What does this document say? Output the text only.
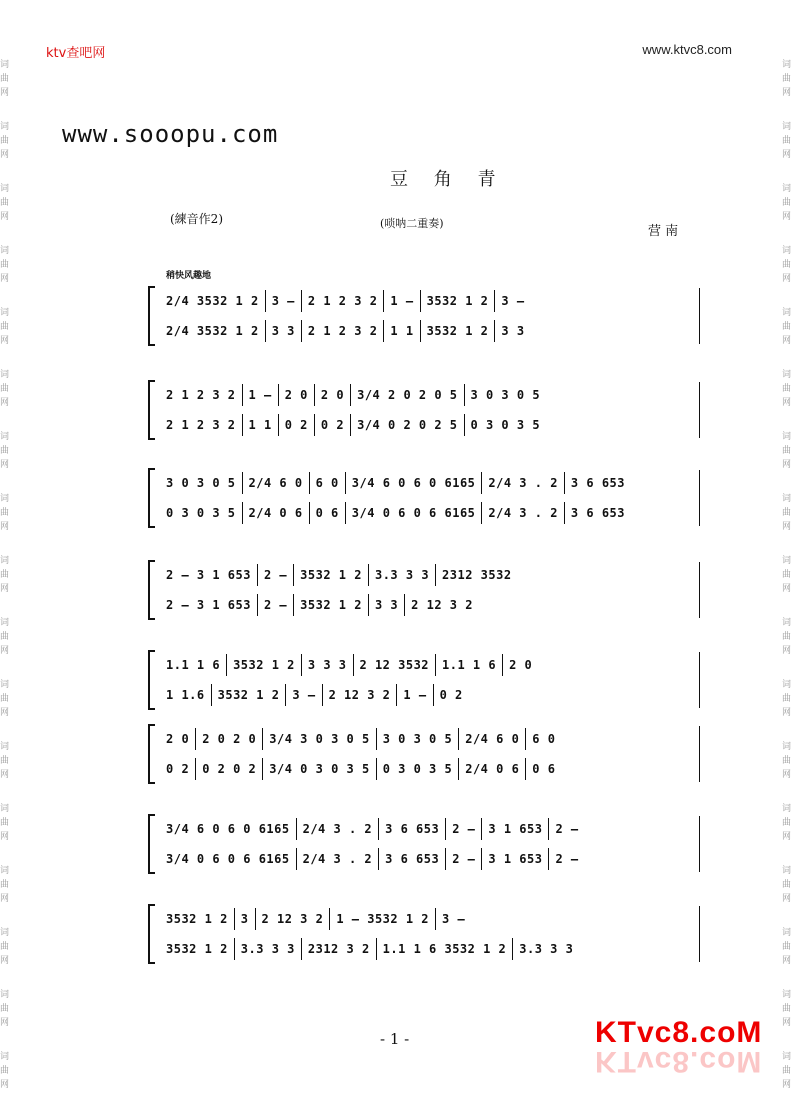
ktv查吧网	www.ktvc8.com
词
曲
网
词
曲
网
词
曲
网
词
曲
网
词
曲
网
词
曲
网
词
曲
网
词
曲
网
词
曲
网
词
曲
网
词
曲
网
词
曲
网
词
曲
网
词
曲
网
词
曲
网
词
曲
网
词
曲
网
词
曲
网
词
曲
网
词
曲
网
词
曲
网
词
曲
网
词
曲
网
词
曲
网
词
曲
网
词
曲
网
词
曲
网
词
曲
网
词
曲
网
词
曲
网
词
曲
网
词
曲
网
词
曲
网
词
曲
网
www.sooopu.com
豆 角 青
(練音作2)	(唢呐二重奏)
营 南
稍快风趣地
2/4 3532 1 2	3 —	2 1 2 3 2	1 —	3532 1 2	3 —
2/4 3532 1 2	3 3	2 1 2 3 2	1 1	3532 1 2	3 3
2 1 2 3 2	1 —	2 0	2 0	3/4 2 0 2 0 5	3 0 3 0 5
2 1 2 3 2	1 1	0 2	0 2	3/4 0 2 0 2 5	0 3 0 3 5
3 0 3 0 5	2/4 6 0	6 0	3/4 6 0 6 0 6165	2/4 3 . 2	3 6 653
0 3 0 3 5	2/4 0 6	0 6	3/4 0 6 0 6 6165	2/4 3 . 2	3 6 653
2 — 3 1 653	2 —	3532 1 2	3.3 3 3	2312 3532
2 — 3 1 653	2 —	3532 1 2	3 3	2 12 3 2
1.1 1 6	3532 1 2	3 3 3	2 12 3532	1.1 1 6	2 0
1 1.6	3532 1 2	3 —	2 12 3 2	1 —	0 2
2 0	2 0 2 0	3/4 3 0 3 0 5	3 0 3 0 5	2/4 6 0	6 0
0 2	0 2 0 2	3/4 0 3 0 3 5	0 3 0 3 5	2/4 0 6	0 6
3/4 6 0 6 0 6165	2/4 3 . 2	3 6 653	2 —	3 1 653	2 —
3/4 0 6 0 6 6165	2/4 3 . 2	3 6 653	2 —	3 1 653	2 —
3532 1 2	3	2 12 3 2	1 — 3532 1 2	3 —
3532 1 2	3.3 3 3	2312 3 2	1.1 1 6 3532 1 2	3.3 3 3
- 1 -	KTvc8.coM
KTvc8.coM
